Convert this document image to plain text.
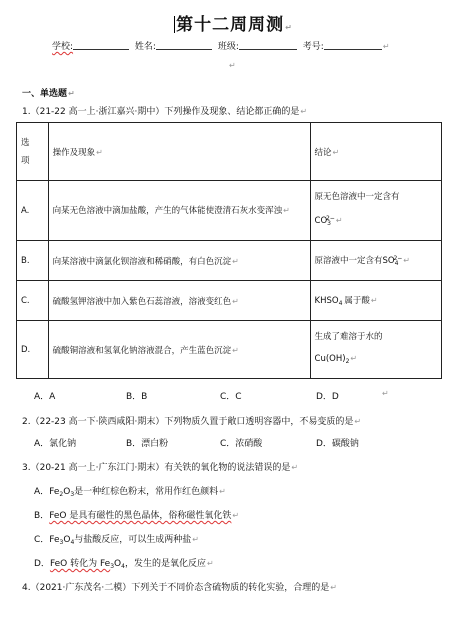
第十二周周测↵
学校:	姓名:	班级:	考号:	↵
↵
一、单选题↵
1.（21-22 高一上·浙江嘉兴·期中）下列操作及现象、结论都正确的是↵
选项	操作及现象↵	结论↵
A.	向某无色溶液中滴加盐酸，产生的气体能使澄清石灰水变浑浊↵	原无色溶液中一定含有
$CO_3^{2-}↵$
B.	向某溶液中滴氯化钡溶液和稀硝酸，有白色沉淀↵	原溶液中一定含有$SO_4^{2-}↵$
C.	硫酸氢钾溶液中加入紫色石蕊溶液，溶液变红色↵	$KHSO_4$ 属于酸↵
D.	硫酸铜溶液和氢氧化钠溶液混合，产生蓝色沉淀↵	生成了难溶于水的
$Cu(OH)_2↵$
A．A	B．B	C．C	D．D	↵
2.（22-23 高一下·陕西咸阳·期末）下列物质久置于敞口透明容器中，不易变质的是↵
A．氯化钠	B．漂白粉	C．浓硝酸	D．碳酸钠
3.（20-21 高一上·广东江门·期末）有关铁的氧化物的说法错误的是↵
A．$Fe_2O_3$是一种红棕色粉末，常用作红色颜料↵
B．FeO 是具有磁性的黑色晶体，俗称磁性氧化铁↵
C．$Fe_3O_4$与盐酸反应，可以生成两种盐↵
D．FeO 转化为 $Fe_3O_4$，发生的是氧化反应↵
4.（2021·广东茂名·二模）下列关于不同价态含硫物质的转化实验，合理的是↵
